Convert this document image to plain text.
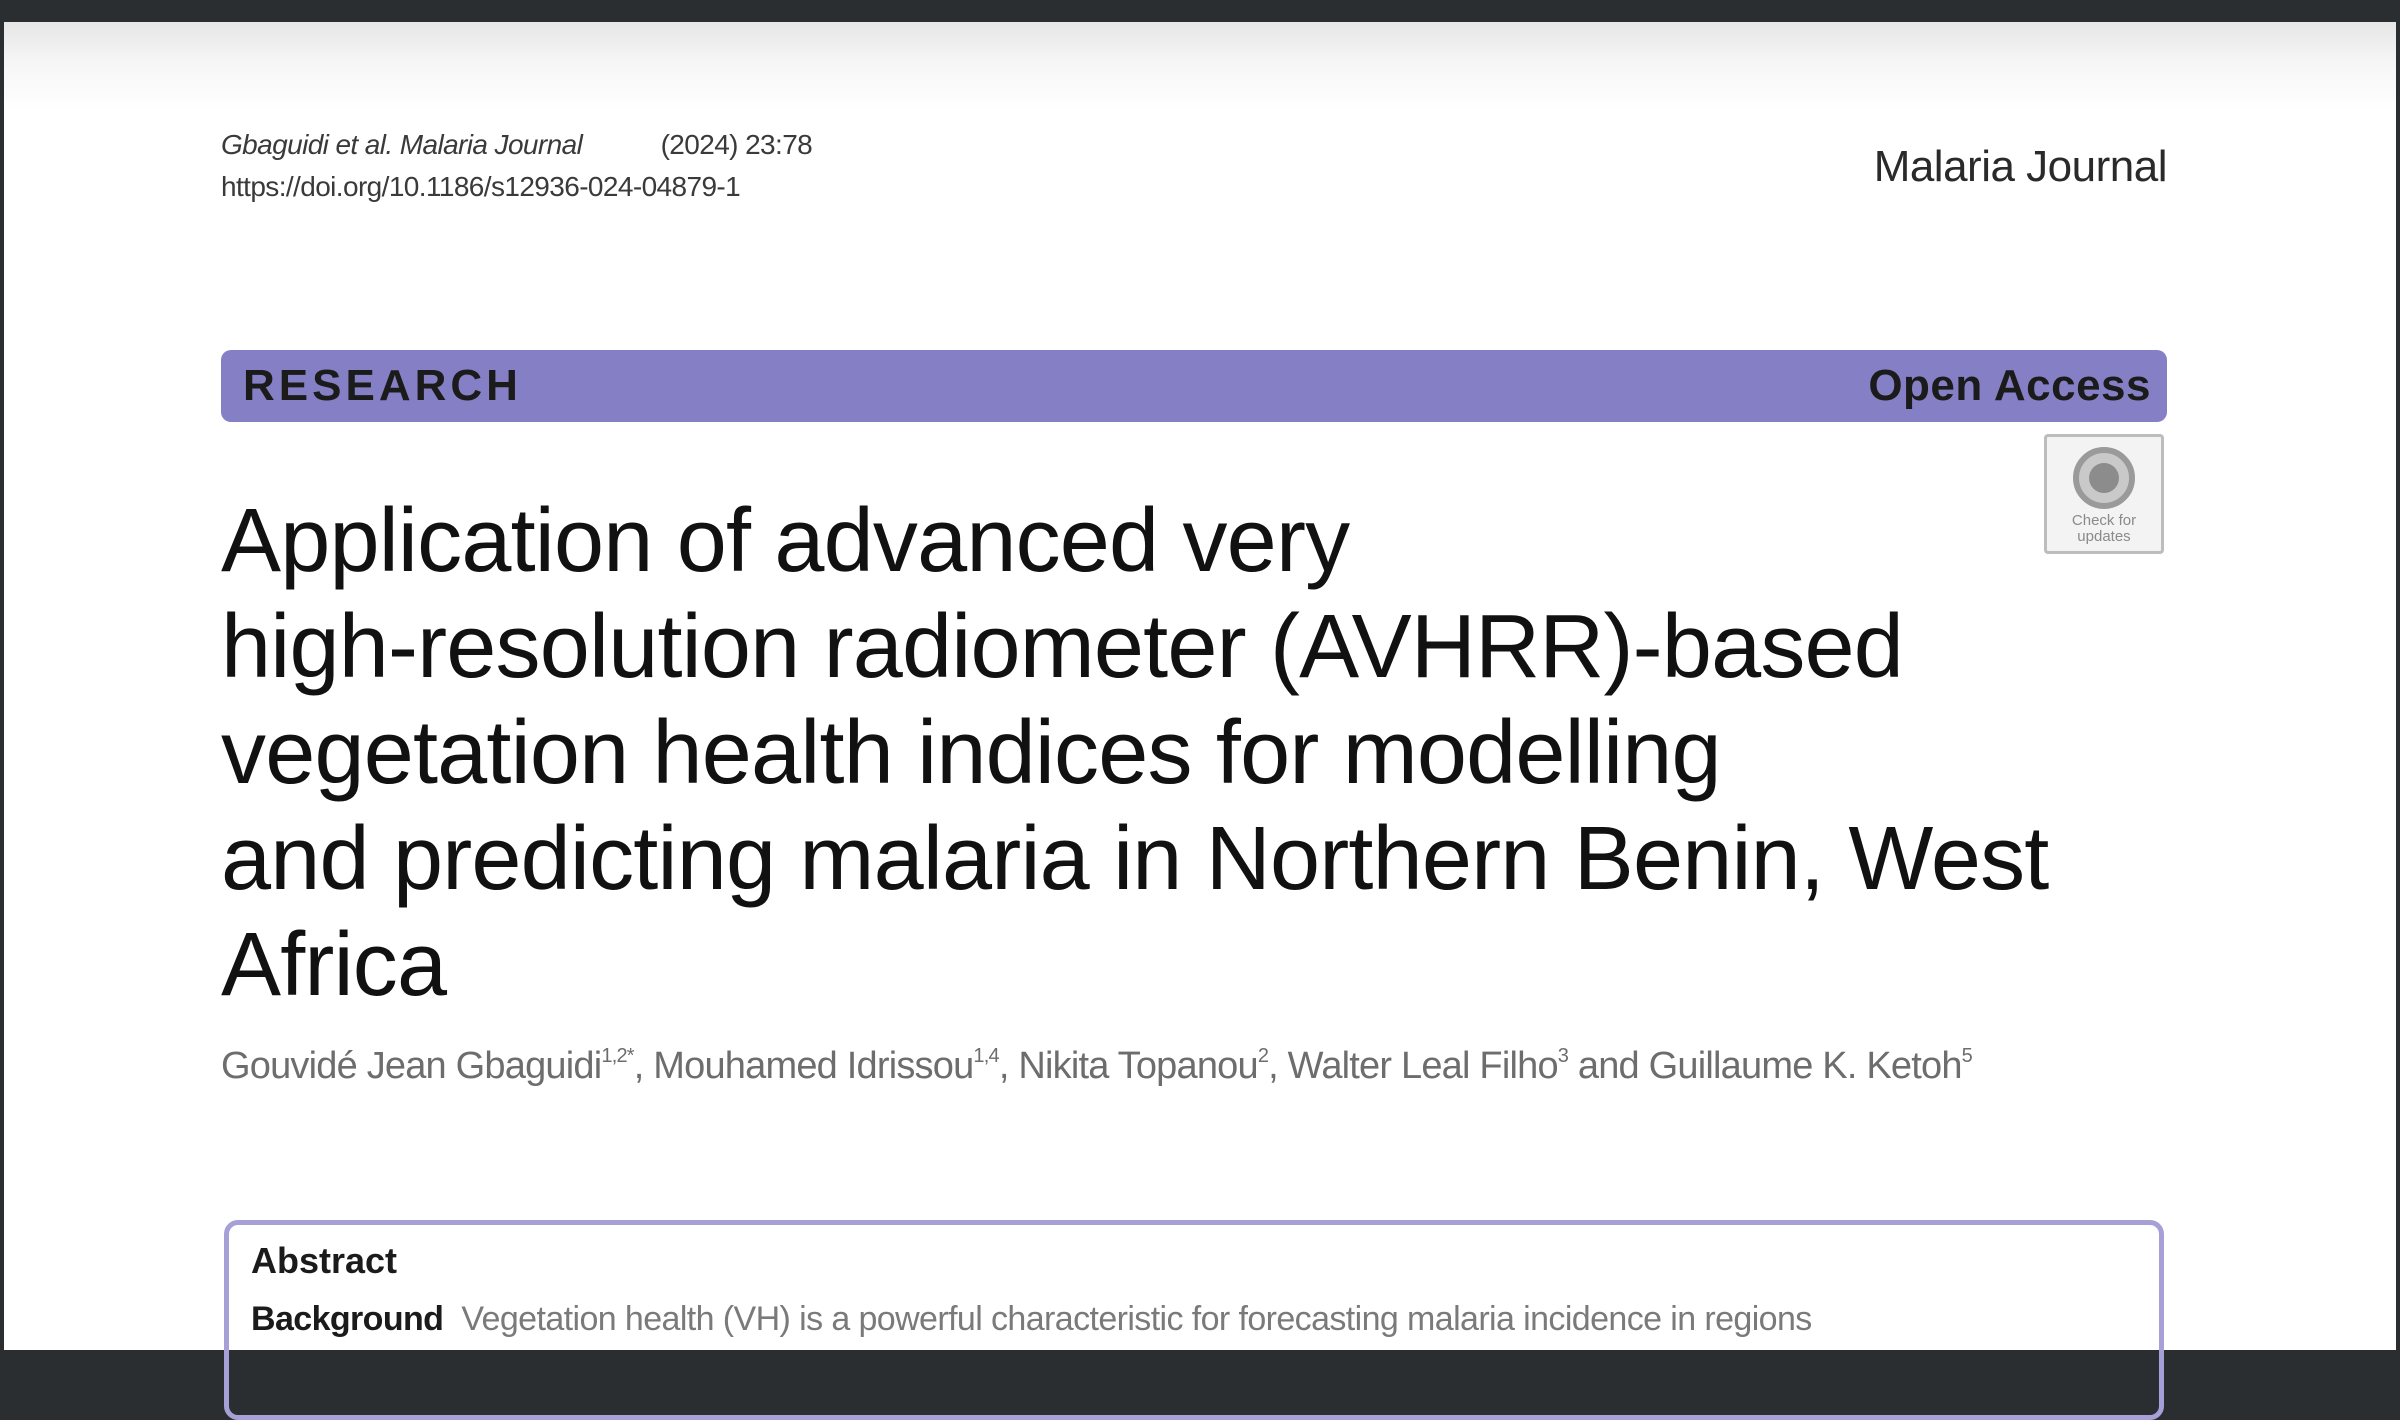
Gbaguidi et al. Malaria Journal	(2024) 23:78
https://doi.org/10.1186/s12936-024-04879-1	Malaria Journal
RESEARCH	Open Access
Check for updates
Application of advanced very
high-resolution radiometer (AVHRR)-based
vegetation health indices for modelling
and predicting malaria in Northern Benin, West
Africa
Gouvidé Jean Gbaguidi$^{1,2*}$, Mouhamed Idrissou$^{1,4}$, Nikita Topanou$^2$, Walter Leal Filho$^3$ and Guillaume K. Ketoh$^5$
Abstract
Background Vegetation health (VH) is a powerful characteristic for forecasting malaria incidence in regions
